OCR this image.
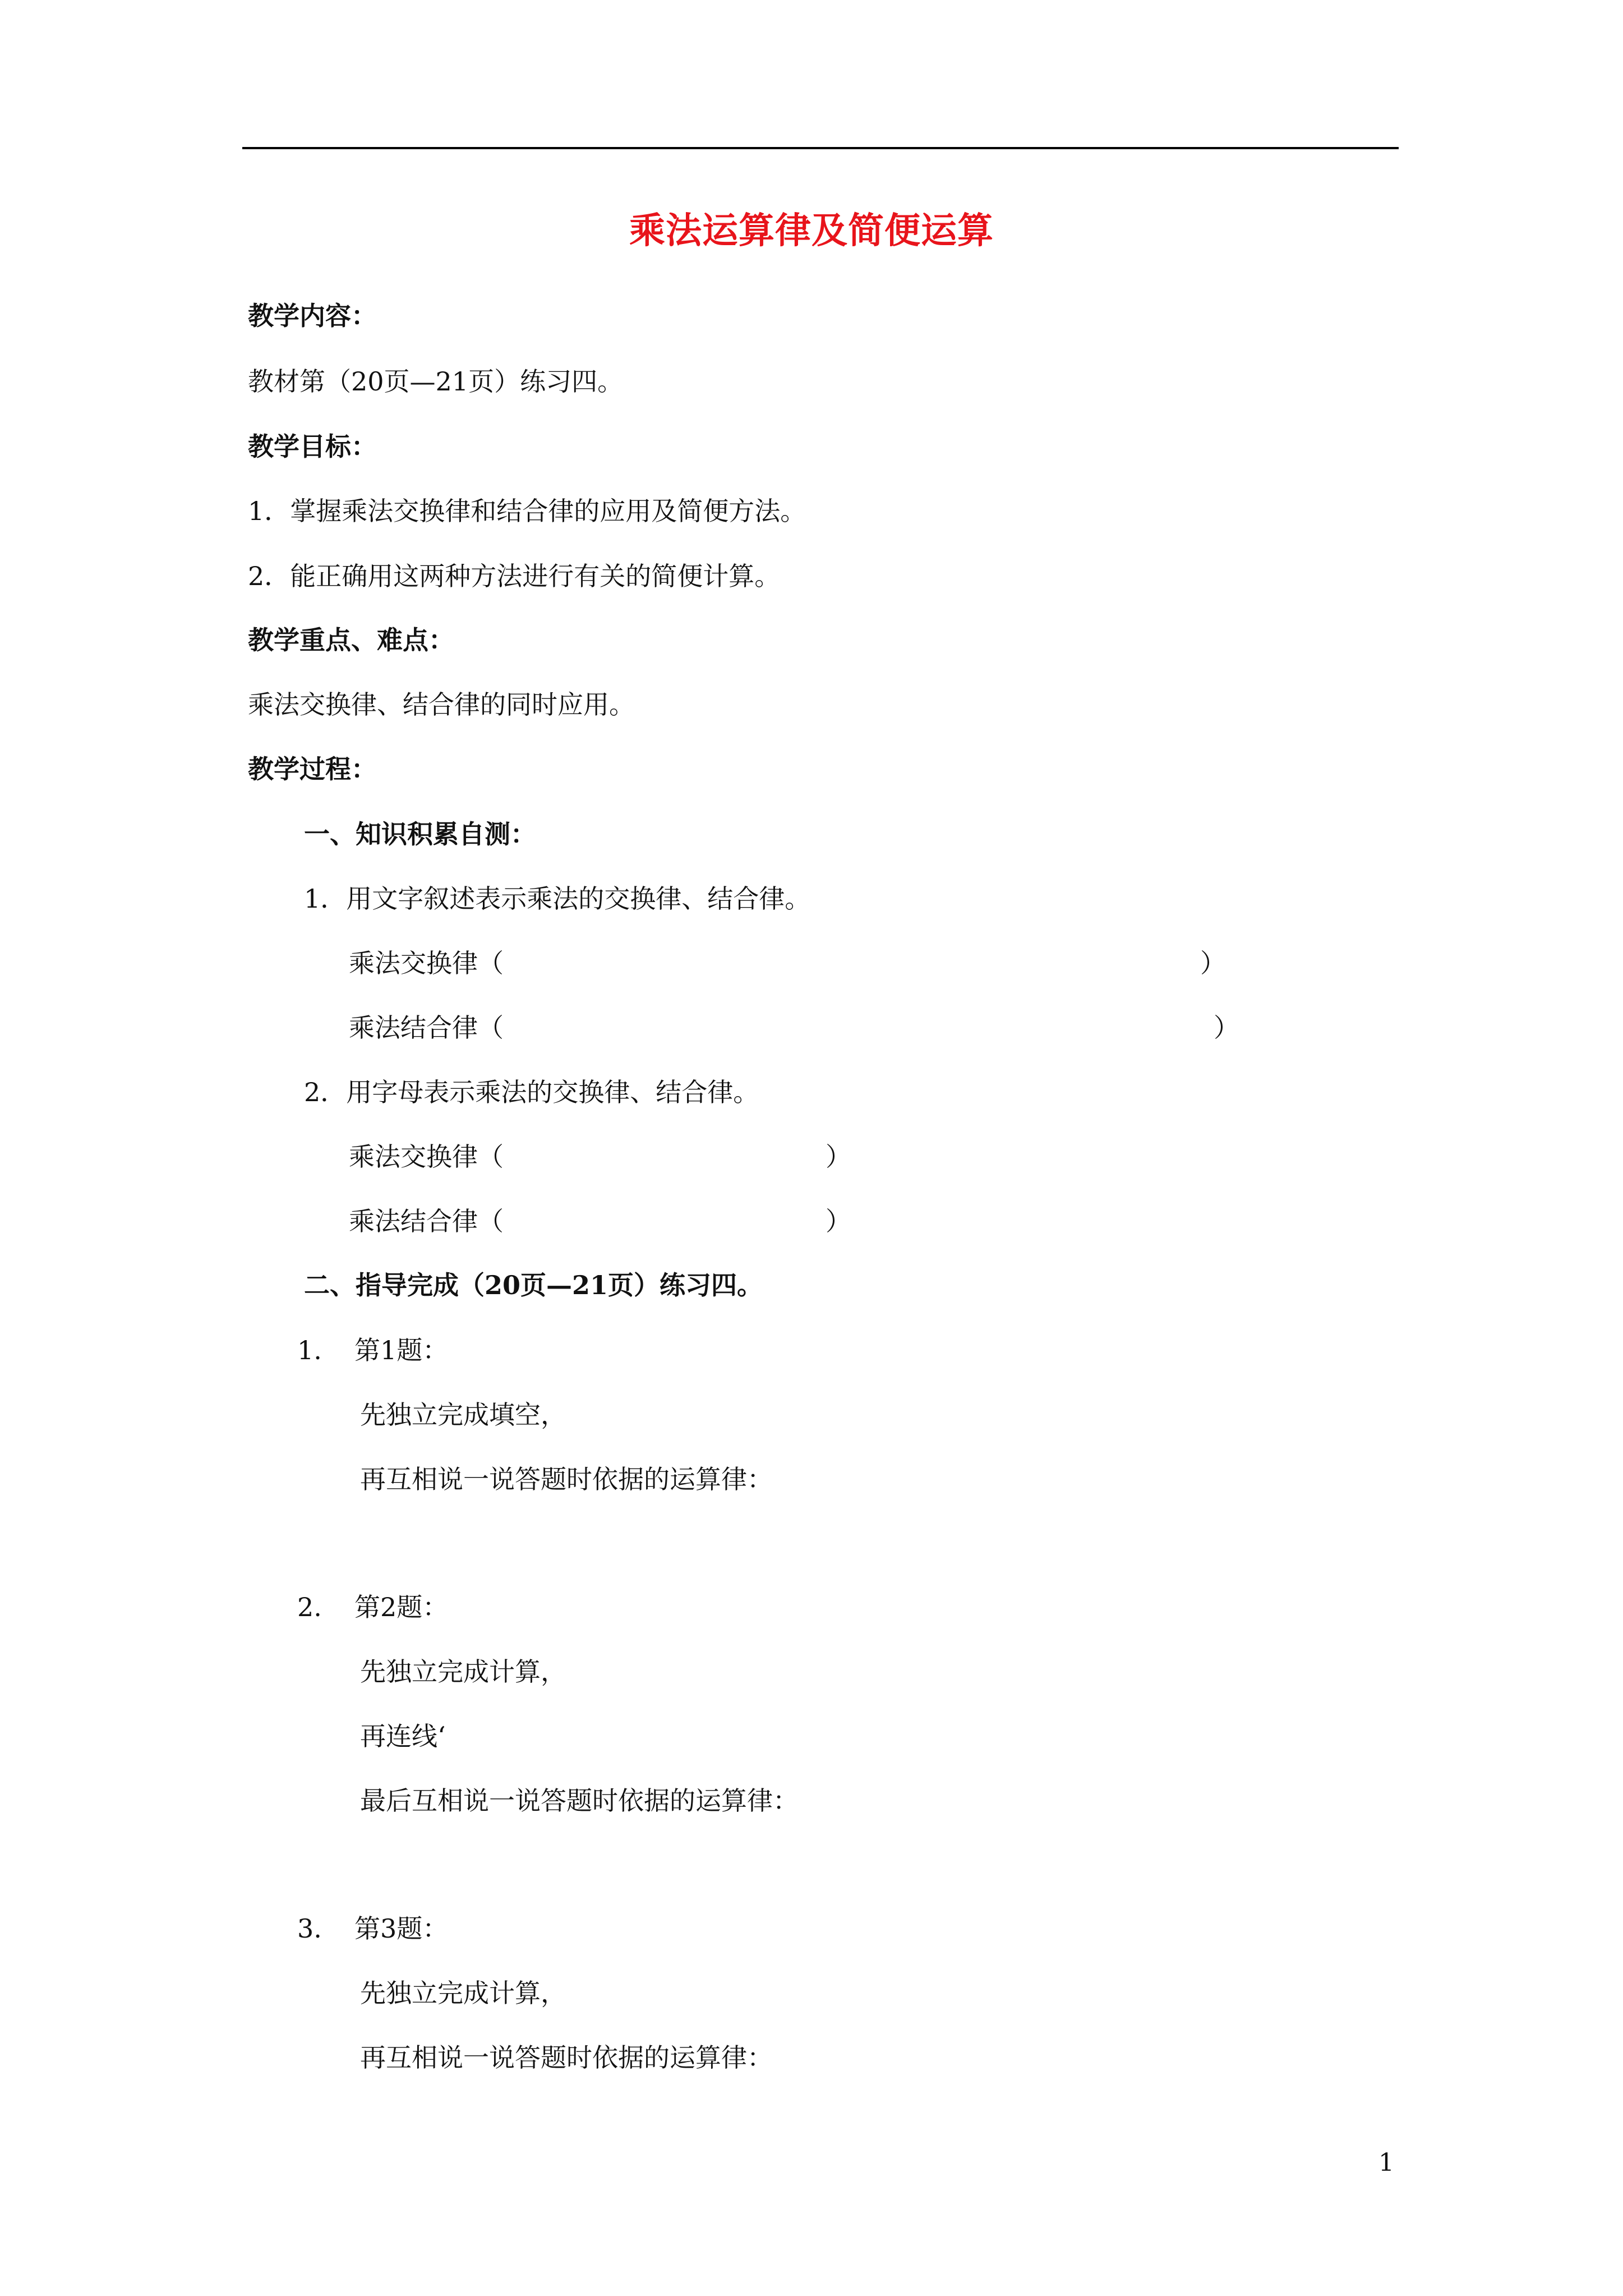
乘法运算律及简便运算
教学内容：
教材第（20页—21页）练习四。
教学目标：
1．掌握乘法交换律和结合律的应用及简便方法。
2．能正确用这两种方法进行有关的简便计算。
教学重点、难点：
乘法交换律、结合律的同时应用。
教学过程：
一、知识积累自测：
1．用文字叙述表示乘法的交换律、结合律。
乘法交换律（	）
乘法结合律（	）
2．用字母表示乘法的交换律、结合律。
乘法交换律（	）
乘法结合律（	）
二、指导完成（20页—21页）练习四。
1. 第1题：
先独立完成填空，
再互相说一说答题时依据的运算律：
2. 第2题：
先独立完成计算，
再连线‘
最后互相说一说答题时依据的运算律：
3. 第3题：
先独立完成计算，
再互相说一说答题时依据的运算律：
1
